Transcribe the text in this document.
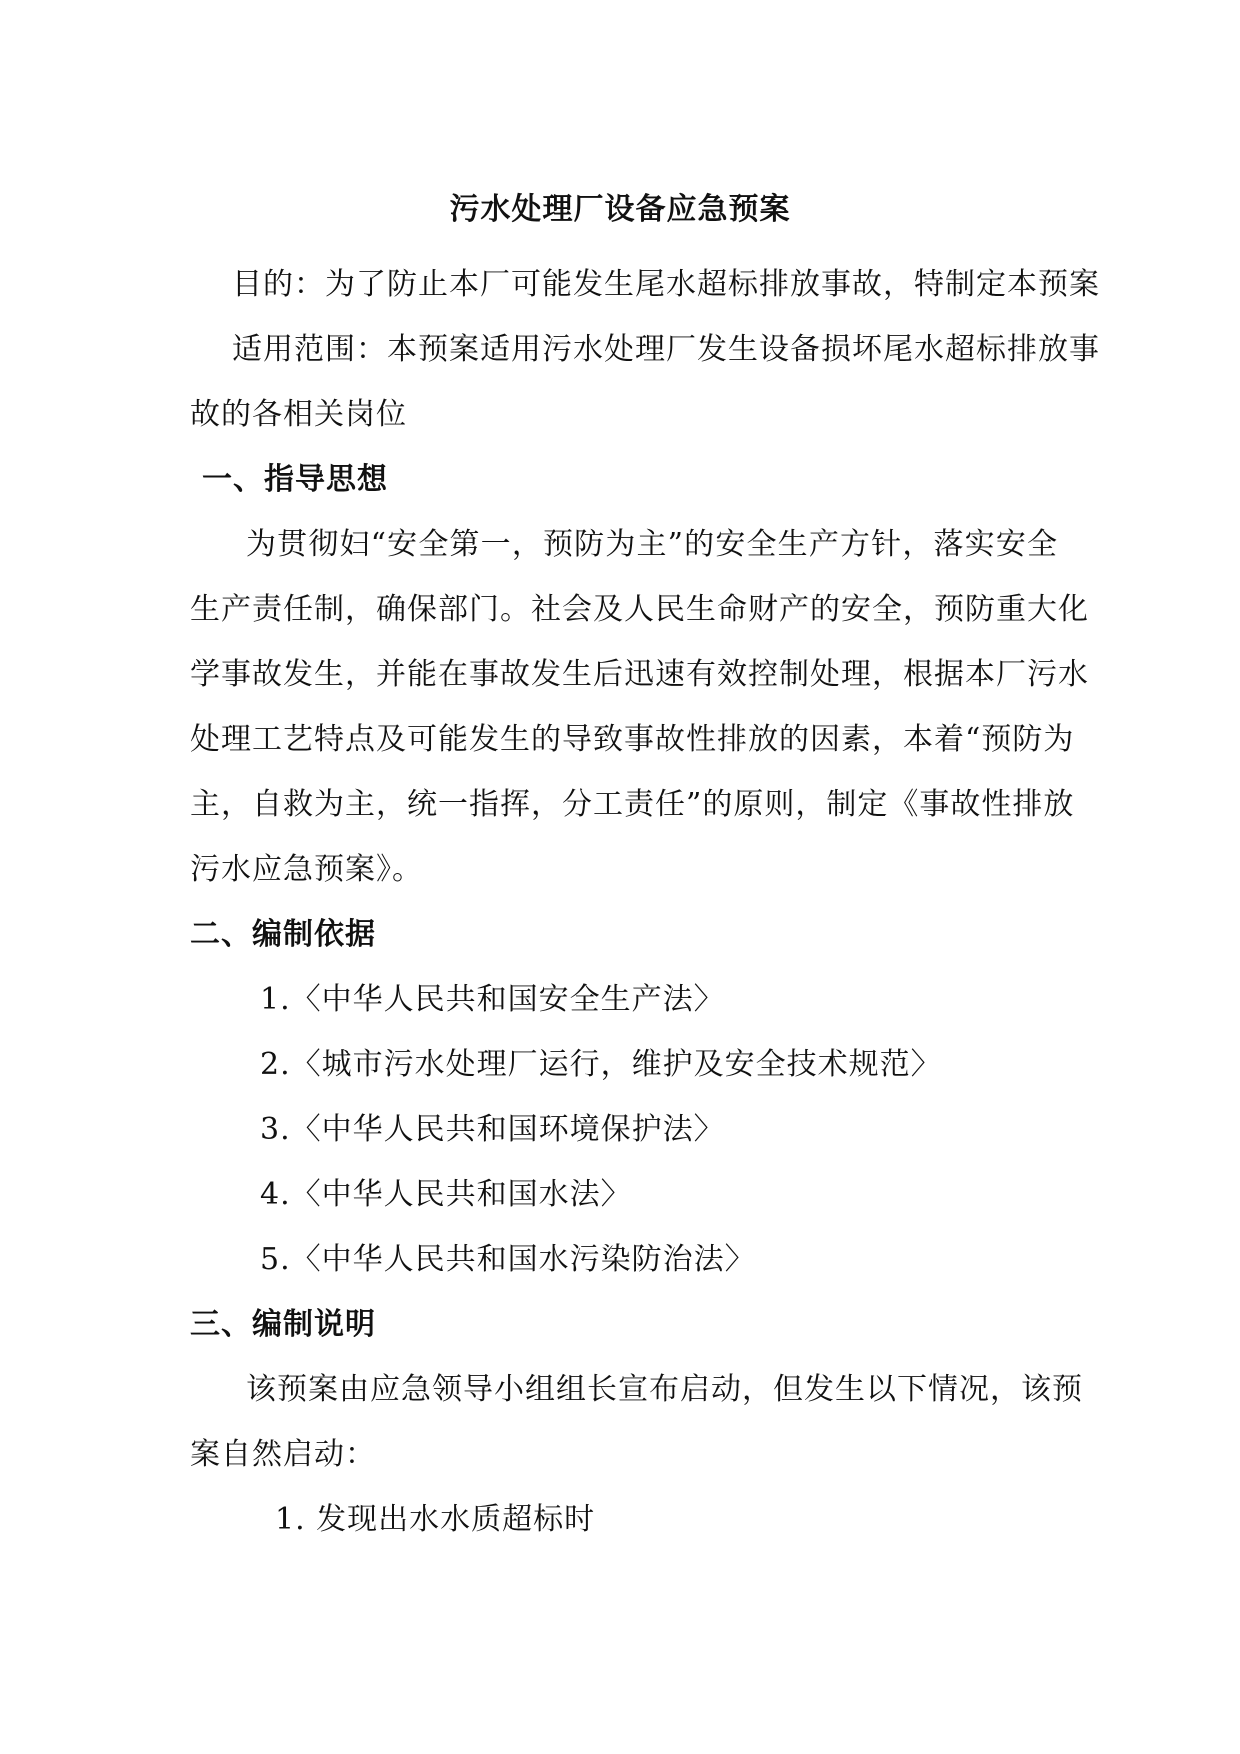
污水处理厂设备应急预案
目的：为了防止本厂可能发生尾水超标排放事故，特制定本预案
适用范围：本预案适用污水处理厂发生设备损坏尾水超标排放事
故的各相关岗位
一、指导思想
为贯彻妇“安全第一，预防为主”的安全生产方针，落实安全
生产责任制，确保部门。社会及人民生命财产的安全，预防重大化
学事故发生，并能在事故发生后迅速有效控制处理，根据本厂污水
处理工艺特点及可能发生的导致事故性排放的因素，本着“预防为
主，自救为主，统一指挥，分工责任”的原则，制定《事故性排放
污水应急预案》。
二、编制依据
1.〈中华人民共和国安全生产法〉
2.〈城市污水处理厂运行，维护及安全技术规范〉
3.〈中华人民共和国环境保护法〉
4.〈中华人民共和国水法〉
5.〈中华人民共和国水污染防治法〉
三、编制说明
该预案由应急领导小组组长宣布启动，但发生以下情况，该预
案自然启动：
1. 发现出水水质超标时
